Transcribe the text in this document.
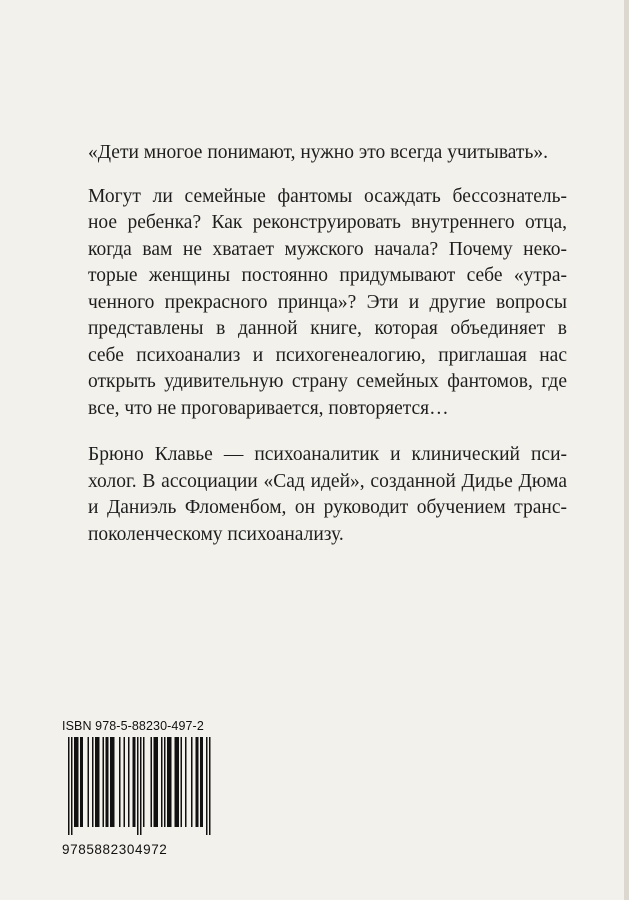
«Дети многое понимают, нужно это всегда учитывать».

Могут ли семейные фантомы осаждать бессознатель-
ное ребенка? Как реконструировать внутреннего отца,
когда вам не хватает мужского начала? Почему неко-
торые женщины постоянно придумывают себе «утра-
ченного прекрасного принца»? Эти и другие вопросы
представлены в данной книге, которая объединяет в
себе психоанализ и психогенеалогию, приглашая нас
открыть удивительную страну семейных фантомов, где
все, что не проговаривается, повторяется…

Брюно Клавье — психоаналитик и клинический пси-
холог. В ассоциации «Сад идей», созданной Дидье Дюма
и Даниэль Фломенбом, он руководит обучением транс-
поколенческому психоанализу.

ISBN 978-5-88230-497-2
9785882304972
